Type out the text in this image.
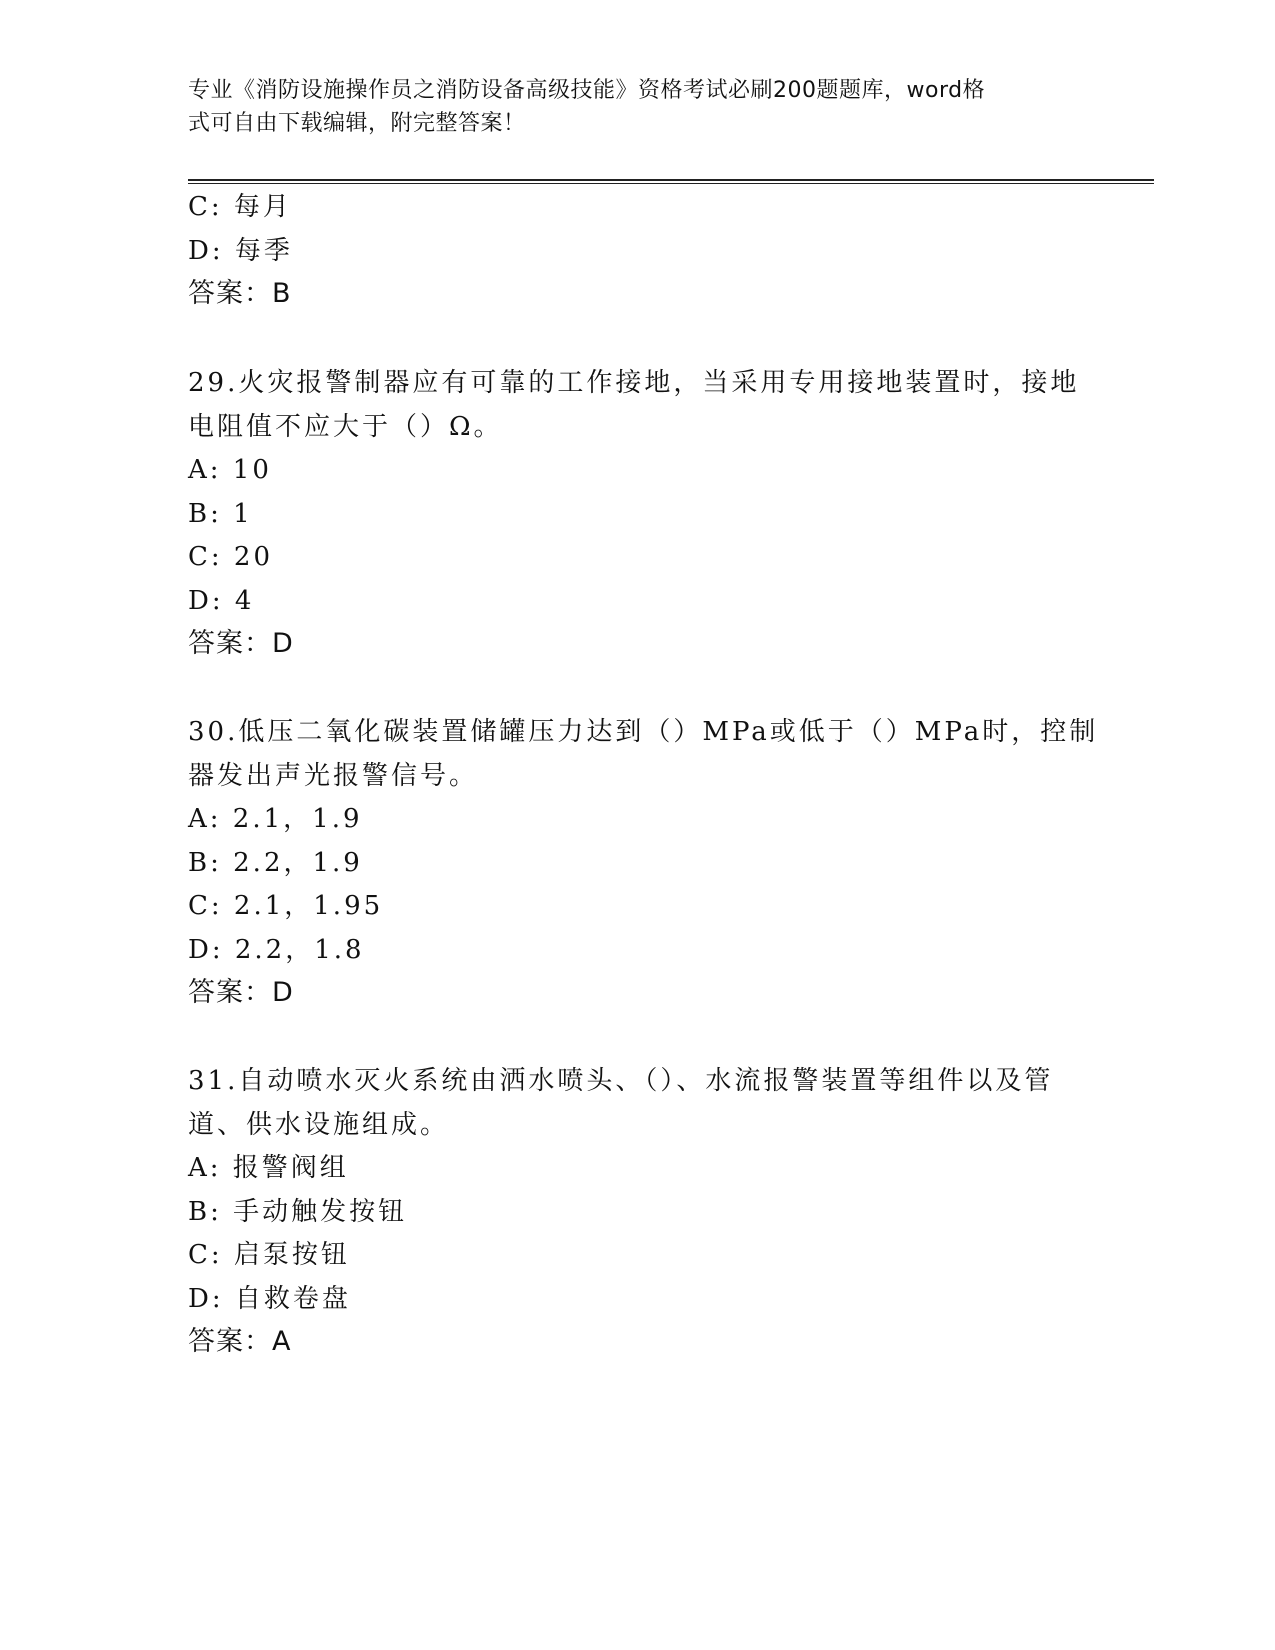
专业《消防设施操作员之消防设备高级技能》资格考试必刷200题题库，word格
式可自由下载编辑，附完整答案！
C: 每月
D: 每季
答案：B
29.火灾报警制器应有可靠的工作接地，当采用专用接地装置时，接地
电阻值不应大于（）Ω。
A: 10
B: 1
C: 20
D: 4
答案：D
30.低压二氧化碳装置储罐压力达到（）MPa或低于（）MPa时，控制
器发出声光报警信号。
A: 2.1，1.9
B: 2.2，1.9
C: 2.1，1.95
D: 2.2，1.8
答案：D
31.自动喷水灭火系统由洒水喷头、（）、水流报警装置等组件以及管
道、供水设施组成。
A: 报警阀组
B: 手动触发按钮
C: 启泵按钮
D: 自救卷盘
答案：A
